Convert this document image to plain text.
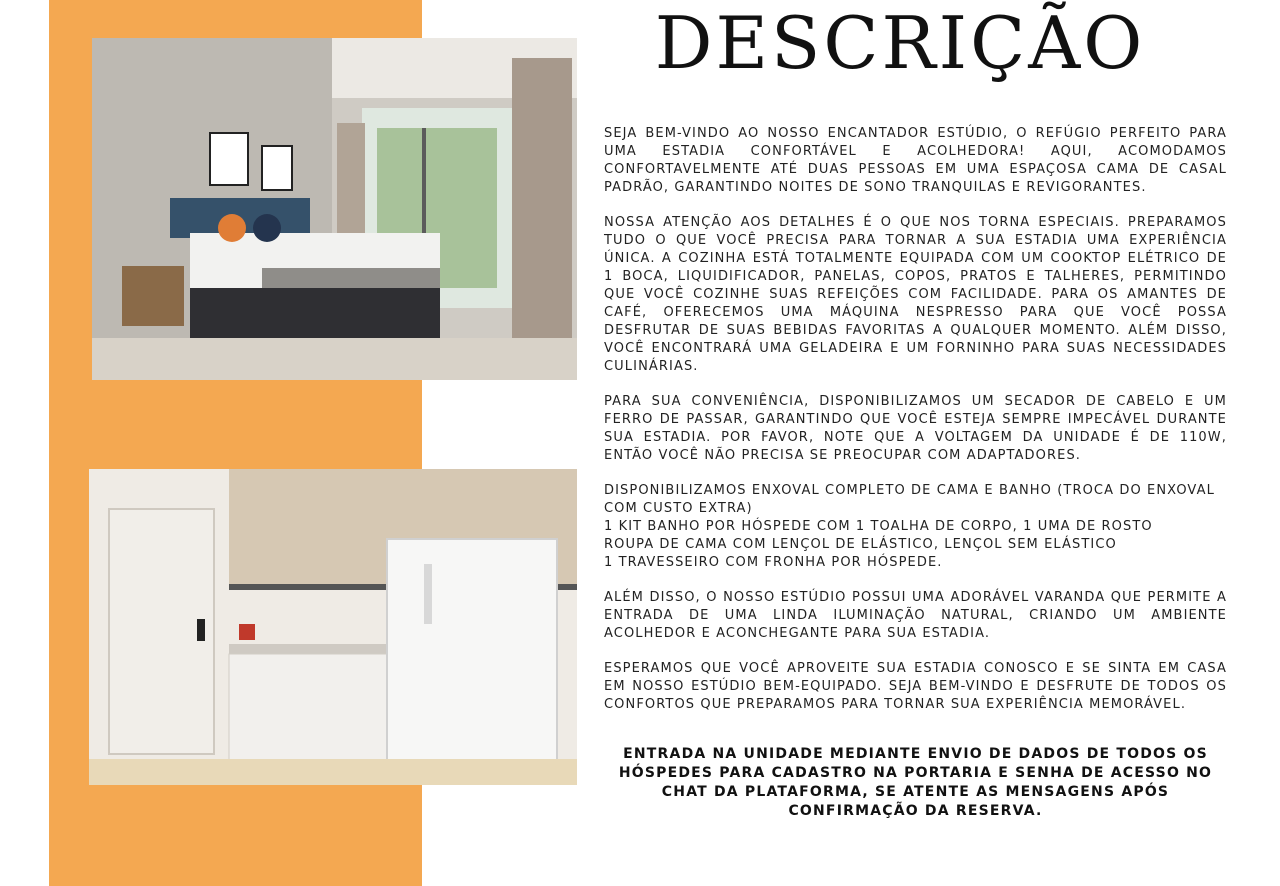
DESCRIÇÃO

SEJA BEM-VINDO AO NOSSO ENCANTADOR ESTÚDIO, O REFÚGIO PERFEITO PARA UMA ESTADIA CONFORTÁVEL E ACOLHEDORA! AQUI, ACOMODAMOS CONFORTAVELMENTE ATÉ DUAS PESSOAS EM UMA ESPAÇOSA CAMA DE CASAL PADRÃO, GARANTINDO NOITES DE SONO TRANQUILAS E REVIGORANTES.

NOSSA ATENÇÃO AOS DETALHES É O QUE NOS TORNA ESPECIAIS. PREPARAMOS TUDO O QUE VOCÊ PRECISA PARA TORNAR A SUA ESTADIA UMA EXPERIÊNCIA ÚNICA. A COZINHA ESTÁ TOTALMENTE EQUIPADA COM UM COOKTOP ELÉTRICO DE 1 BOCA, LIQUIDIFICADOR, PANELAS, COPOS, PRATOS E TALHERES, PERMITINDO QUE VOCÊ COZINHE SUAS REFEIÇÕES COM FACILIDADE. PARA OS AMANTES DE CAFÉ, OFERECEMOS UMA MÁQUINA NESPRESSO PARA QUE VOCÊ POSSA DESFRUTAR DE SUAS BEBIDAS FAVORITAS A QUALQUER MOMENTO. ALÉM DISSO, VOCÊ ENCONTRARÁ UMA GELADEIRA E UM FORNINHO PARA SUAS NECESSIDADES CULINÁRIAS.

PARA SUA CONVENIÊNCIA, DISPONIBILIZAMOS UM SECADOR DE CABELO E UM FERRO DE PASSAR, GARANTINDO QUE VOCÊ ESTEJA SEMPRE IMPECÁVEL DURANTE SUA ESTADIA. POR FAVOR, NOTE QUE A VOLTAGEM DA UNIDADE É DE 110W, ENTÃO VOCÊ NÃO PRECISA SE PREOCUPAR COM ADAPTADORES.

DISPONIBILIZAMOS ENXOVAL COMPLETO DE CAMA E BANHO (TROCA DO ENXOVAL COM CUSTO EXTRA)
1 KIT BANHO POR HÓSPEDE COM 1 TOALHA DE CORPO, 1 UMA DE ROSTO
ROUPA DE CAMA COM LENÇOL DE ELÁSTICO, LENÇOL SEM ELÁSTICO
1 TRAVESSEIRO COM FRONHA POR HÓSPEDE.

ALÉM DISSO, O NOSSO ESTÚDIO POSSUI UMA ADORÁVEL VARANDA QUE PERMITE A ENTRADA DE UMA LINDA ILUMINAÇÃO NATURAL, CRIANDO UM AMBIENTE ACOLHEDOR E ACONCHEGANTE PARA SUA ESTADIA.

ESPERAMOS QUE VOCÊ APROVEITE SUA ESTADIA CONOSCO E SE SINTA EM CASA EM NOSSO ESTÚDIO BEM-EQUIPADO. SEJA BEM-VINDO E DESFRUTE DE TODOS OS CONFORTOS QUE PREPARAMOS PARA TORNAR SUA EXPERIÊNCIA MEMORÁVEL.

ENTRADA NA UNIDADE MEDIANTE ENVIO DE DADOS DE TODOS OS HÓSPEDES PARA CADASTRO NA PORTARIA E SENHA DE ACESSO NO CHAT DA PLATAFORMA, SE ATENTE AS MENSAGENS APÓS CONFIRMAÇÃO DA RESERVA.
